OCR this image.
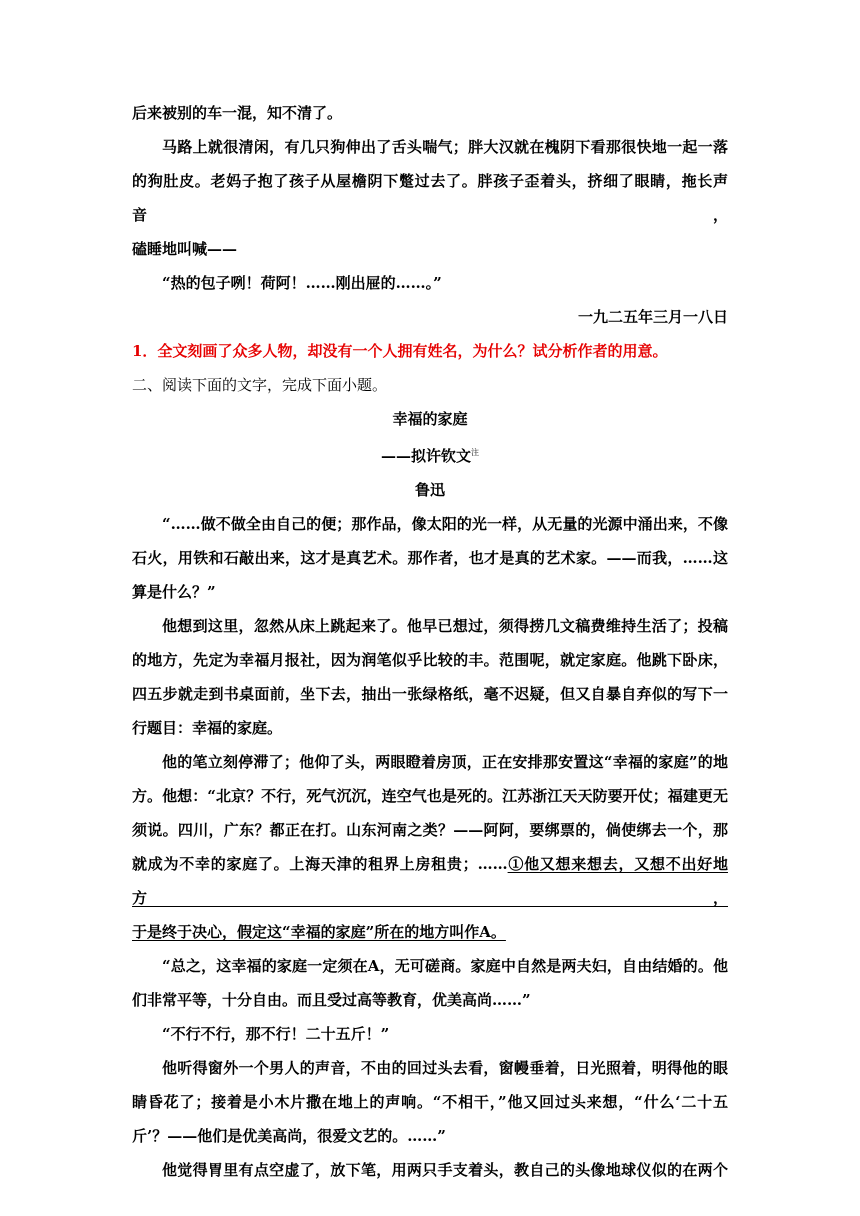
后来被别的车一混，知不清了。
马路上就很清闲，有几只狗伸出了舌头喘气；胖大汉就在槐阴下看那很快地一起一落
的狗肚皮。老妈子抱了孩子从屋檐阴下蹩过去了。胖孩子歪着头，挤细了眼睛，拖长声音，
磕睡地叫喊——
“热的包子咧！荷阿！……刚出屉的……。”
一九二五年三月一八日
1．全文刻画了众多人物，却没有一个人拥有姓名，为什么？试分析作者的用意。
二、阅读下面的文字，完成下面小题。
幸福的家庭
——拟许钦文$^注$
鲁迅
“……做不做全由自己的便；那作品，像太阳的光一样，从无量的光源中涌出来，不像
石火，用铁和石敲出来，这才是真艺术。那作者，也才是真的艺术家。——而我，……这
算是什么？”
他想到这里，忽然从床上跳起来了。他早已想过，须得捞几文稿费维持生活了；投稿
的地方，先定为幸福月报社，因为润笔似乎比较的丰。范围呢，就定家庭。他跳下卧床，
四五步就走到书桌面前，坐下去，抽出一张绿格纸，毫不迟疑，但又自暴自弃似的写下一
行题目：幸福的家庭。
他的笔立刻停滞了；他仰了头，两眼瞪着房顶，正在安排那安置这“幸福的家庭”的地
方。他想：“北京？不行，死气沉沉，连空气也是死的。江苏浙江天天防要开仗；福建更无
须说。四川，广东？都正在打。山东河南之类？——阿阿，要绑票的，倘使绑去一个，那
就成为不幸的家庭了。上海天津的租界上房租贵；……①他又想来想去，又想不出好地方，
于是终于决心，假定这“幸福的家庭”所在的地方叫作A。
“总之，这幸福的家庭一定须在A，无可磋商。家庭中自然是两夫妇，自由结婚的。他
们非常平等，十分自由。而且受过高等教育，优美高尚……”
“不行不行，那不行！二十五斤！”
他听得窗外一个男人的声音，不由的回过头去看，窗幔垂着，日光照着，明得他的眼
睛昏花了；接着是小木片撒在地上的声响。“不相干，”他又回过头来想，“什么‘二十五
斤’？——他们是优美高尚，很爱文艺的。……”
他觉得胃里有点空虚了，放下笔，用两只手支着头，教自己的头像地球仪似的在两个
